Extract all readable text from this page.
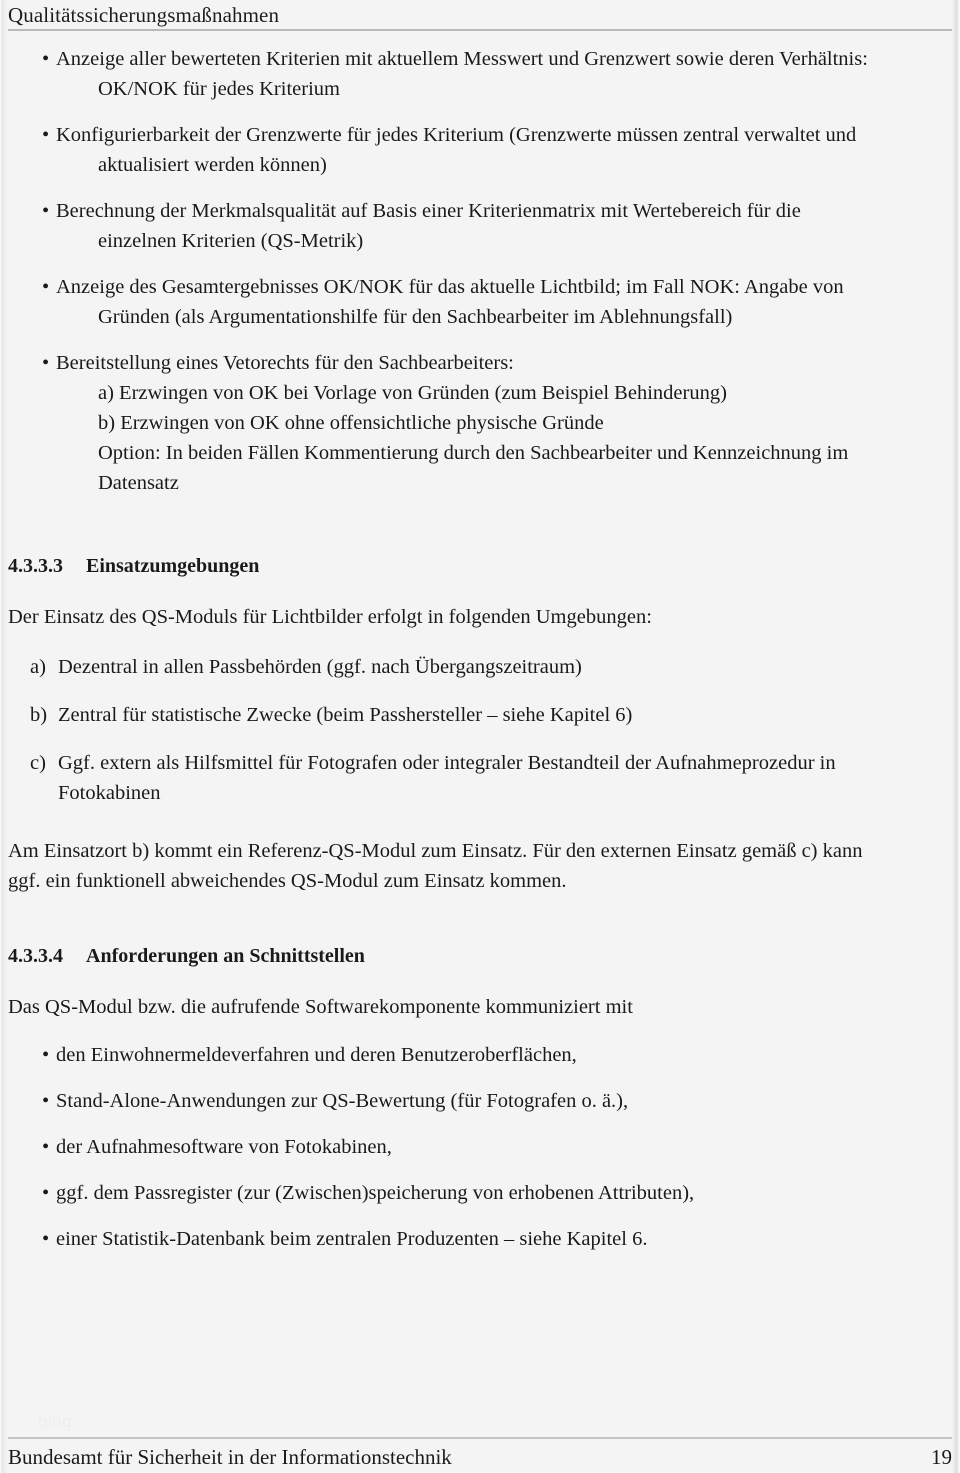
Qualitätssicherungsmaßnahmen
• Anzeige aller bewerteten Kriterien mit aktuellem Messwert und Grenzwert sowie deren Verhältnis:
OK/NOK für jedes Kriterium
• Konfigurierbarkeit der Grenzwerte für jedes Kriterium (Grenzwerte müssen zentral verwaltet und
aktualisiert werden können)
• Berechnung der Merkmalsqualität auf Basis einer Kriterienmatrix mit Wertebereich für die
einzelnen Kriterien (QS-Metrik)
• Anzeige des Gesamtergebnisses OK/NOK für das aktuelle Lichtbild; im Fall NOK: Angabe von
Gründen (als Argumentationshilfe für den Sachbearbeiter im Ablehnungsfall)
• Bereitstellung eines Vetorechts für den Sachbearbeiters:
a) Erzwingen von OK bei Vorlage von Gründen (zum Beispiel Behinderung)
b) Erzwingen von OK ohne offensichtliche physische Gründe
Option: In beiden Fällen Kommentierung durch den Sachbearbeiter und Kennzeichnung im
Datensatz
4.3.3.3	Einsatzumgebungen

Der Einsatz des QS-Moduls für Lichtbilder erfolgt in folgenden Umgebungen:

a) Dezentral in allen Passbehörden (ggf. nach Übergangszeitraum)
b) Zentral für statistische Zwecke (beim Passhersteller – siehe Kapitel 6)
c) Ggf. extern als Hilfsmittel für Fotografen oder integraler Bestandteil der Aufnahmeprozedur in
Fotokabinen

Am Einsatzort b) kommt ein Referenz-QS-Modul zum Einsatz. Für den externen Einsatz gemäß c) kann

ggf. ein funktionell abweichendes QS-Modul zum Einsatz kommen.

4.3.3.4	Anforderungen an Schnittstellen

Das QS-Modul bzw. die aufrufende Softwarekomponente kommuniziert mit

• den Einwohnermeldeverfahren und deren Benutzeroberflächen,
• Stand-Alone-Anwendungen zur QS-Bewertung (für Fotografen o. ä.),
• der Aufnahmesoftware von Fotokabinen,
• ggf. dem Passregister (zur (Zwischen)speicherung von erhobenen Attributen),
• einer Statistik-Datenbank beim zentralen Produzenten – siehe Kapitel 6.
blog
Bundesamt für Sicherheit in der Informationstechnik	19
